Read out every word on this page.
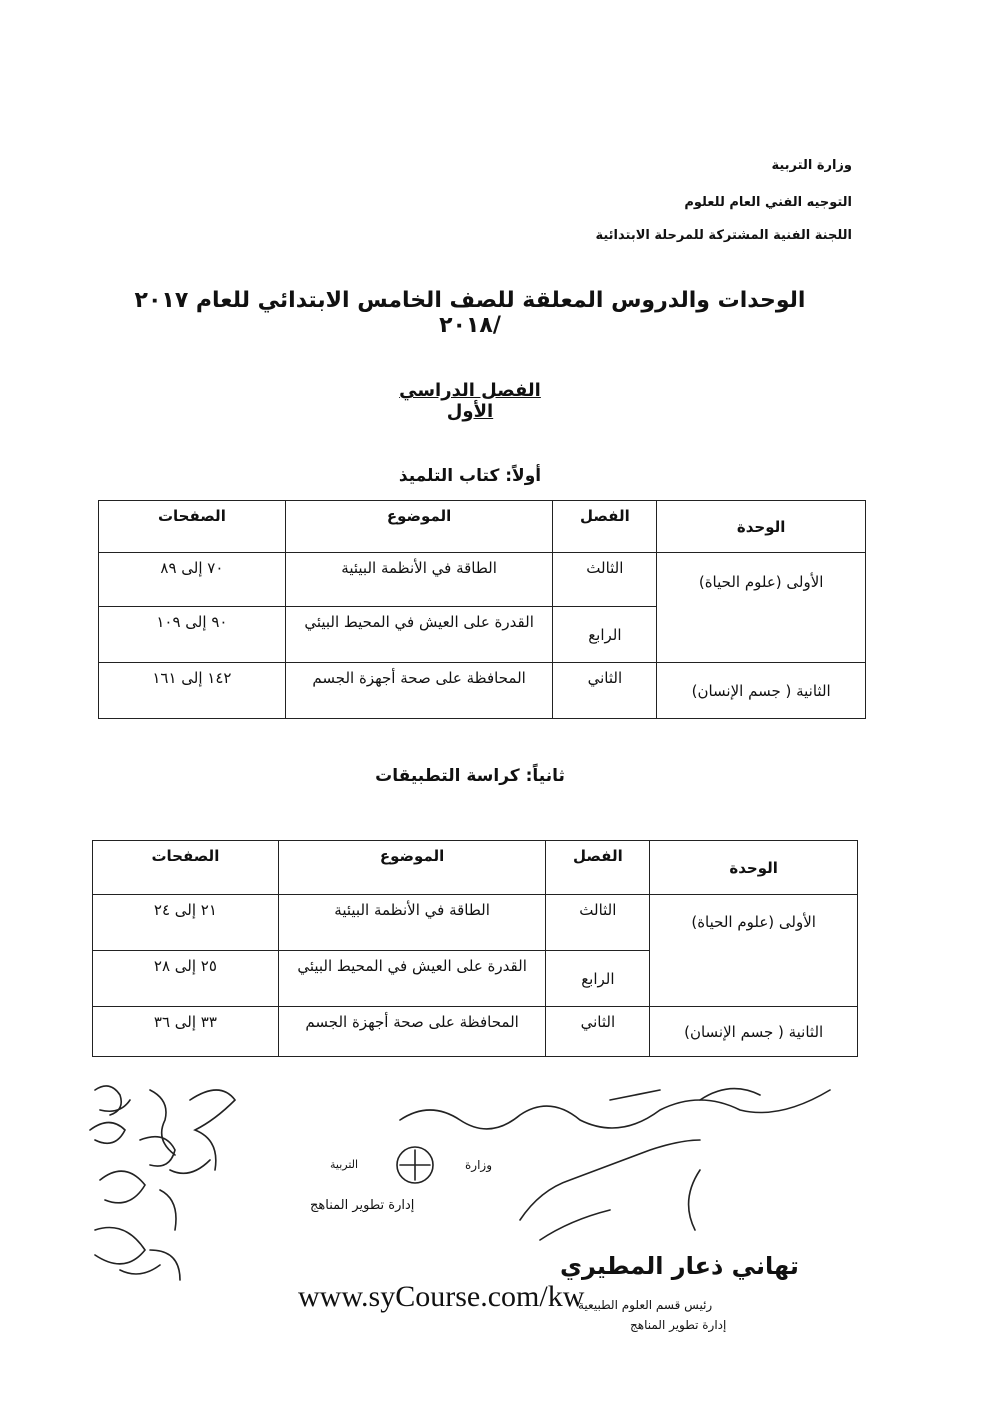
وزارة التربية
التوجيه الفني العام للعلوم
اللجنة الفنية المشتركة للمرحلة الابتدائية
الوحدات والدروس المعلقة للصف الخامس الابتدائي للعام ٢٠١٧ /٢٠١٨
الفصل الدراسي الأول
أولاً: كتاب التلميذ
الوحدة	الفصل	الموضوع	الصفحات
الأولى (علوم الحياة)	الثالث	الطاقة في الأنظمة البيئية	٧٠ إلى ٨٩
	الرابع	القدرة على العيش في المحيط البيئي	٩٠ إلى ١٠٩
الثانية ( جسم الإنسان)	الثاني	المحافظة على صحة أجهزة الجسم	١٤٢ إلى ١٦١
ثانياً: كراسة التطبيقات
الوحدة	الفصل	الموضوع	الصفحات
الأولى (علوم الحياة)	الثالث	الطاقة في الأنظمة البيئية	٢١ إلى ٢٤
	الرابع	القدرة على العيش في المحيط البيئي	٢٥ إلى ٢٨
الثانية ( جسم الإنسان)	الثاني	المحافظة على صحة أجهزة الجسم	٣٣ إلى ٣٦
وزارة
التربية
إدارة تطوير المناهج
تهاني ذعار المطيري
رئيس قسم العلوم الطبيعية
إدارة تطوير المناهج
www.syCourse.com/kw
